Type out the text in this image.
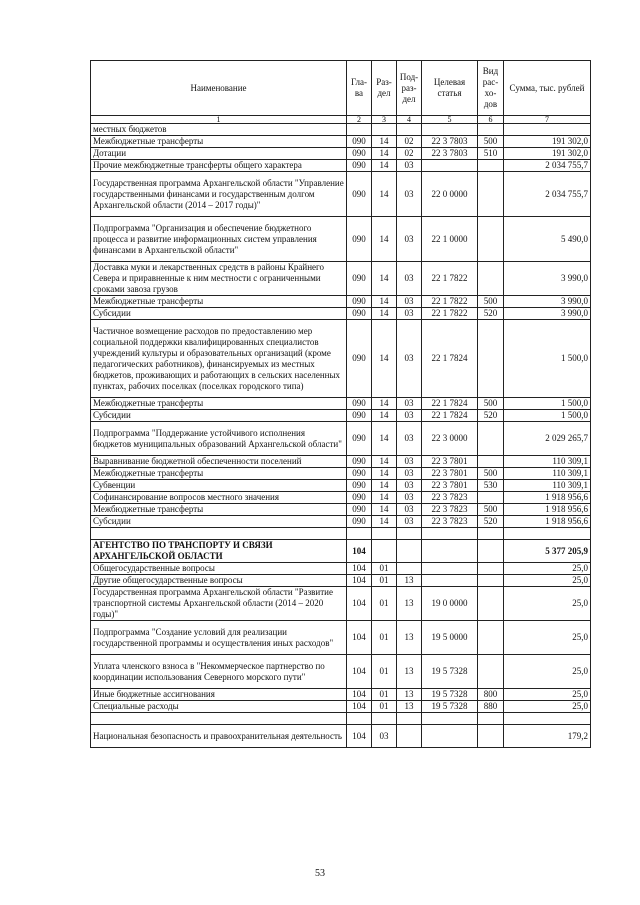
Наименование	Гла-ва	Раз-дел	Под-раз-дел	Целевая статья	Вид рас-хо-дов	Сумма, тыс. рублей
1	2	3	4	5	6	7
местных бюджетов						
Межбюджетные трансферты	090	14	02	22 3 7803	500	191 302,0
Дотации	090	14	02	22 3 7803	510	191 302,0
Прочие межбюджетные трансферты общего характера	090	14	03			2 034 755,7
Государственная программа Архангельской области "Управление государственными финансами и государственным долгом Архангельской области (2014 – 2017 годы)"	090	14	03	22 0 0000		2 034 755,7
Подпрограмма "Организация и обеспечение бюджетного процесса и развитие информационных систем управления финансами в Архангельской области"	090	14	03	22 1 0000		5 490,0
Доставка муки и лекарственных средств в районы Крайнего Севера и приравненные к ним местности с ограниченными сроками завоза грузов	090	14	03	22 1 7822		3 990,0
Межбюджетные трансферты	090	14	03	22 1 7822	500	3 990,0
Субсидии	090	14	03	22 1 7822	520	3 990,0
Частичное возмещение расходов по предоставлению мер социальной поддержки квалифицированных специалистов учреждений культуры и образовательных организаций (кроме педагогических работников), финансируемых из местных бюджетов, проживающих и работающих в сельских населенных пунктах, рабочих поселках (поселках городского типа)	090	14	03	22 1 7824		1 500,0
Межбюджетные трансферты	090	14	03	22 1 7824	500	1 500,0
Субсидии	090	14	03	22 1 7824	520	1 500,0
Подпрограмма "Поддержание устойчивого исполнения бюджетов муниципальных образований Архангельской области"	090	14	03	22 3 0000		2 029 265,7
Выравнивание бюджетной обеспеченности поселений	090	14	03	22 3 7801		110 309,1
Межбюджетные трансферты	090	14	03	22 3 7801	500	110 309,1
Субвенции	090	14	03	22 3 7801	530	110 309,1
Софинансирование вопросов местного значения	090	14	03	22 3 7823		1 918 956,6
Межбюджетные трансферты	090	14	03	22 3 7823	500	1 918 956,6
Субсидии	090	14	03	22 3 7823	520	1 918 956,6

АГЕНТСТВО ПО ТРАНСПОРТУ И СВЯЗИ АРХАНГЕЛЬСКОЙ ОБЛАСТИ	104					5 377 205,9
Общегосударственные вопросы	104	01				25,0
Другие общегосударственные вопросы	104	01	13			25,0
Государственная программа Архангельской области "Развитие транспортной системы Архангельской области (2014 – 2020 годы)"	104	01	13	19 0 0000		25,0
Подпрограмма "Создание условий для реализации государственной программы и осуществления иных расходов"	104	01	13	19 5 0000		25,0
Уплата членского взноса в "Некоммерческое партнерство по координации использования Северного морского пути"	104	01	13	19 5 7328		25,0
Иные бюджетные ассигнования	104	01	13	19 5 7328	800	25,0
Специальные расходы	104	01	13	19 5 7328	880	25,0

Национальная безопасность и правоохранительная деятельность	104	03				179,2
53
